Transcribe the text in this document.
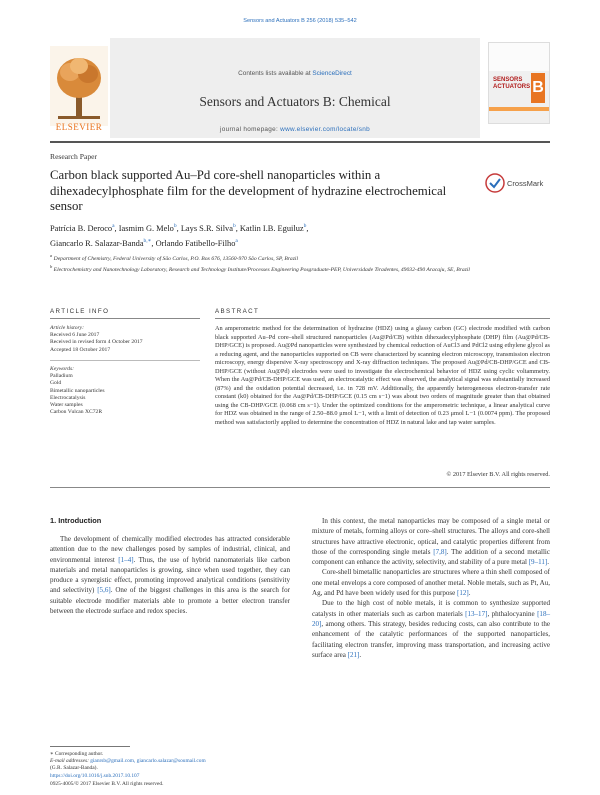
Sensors and Actuators B 256 (2018) 535–542
ELSEVIER
Contents lists available at ScienceDirect
Sensors and Actuators B: Chemical
journal homepage: www.elsevier.com/locate/snb
SENSORS
ACTUATORS B
Research Paper
Carbon black supported Au–Pd core-shell nanoparticles within a dihexadecylphosphate film for the development of hydrazine electrochemical sensor
CrossMark
Patrícia B. Deroco$^a$, Iasmim G. Melo$^b$, Lays S.R. Silva$^b$, Katlin I.B. Eguiluz$^b$,
Giancarlo R. Salazar-Banda$^{b,∗}$, Orlando Fatibello-Filho$^a$
$^a$ Department of Chemistry, Federal University of São Carlos, P.O. Box 676, 13560-970 São Carlos, SP, Brazil
$^b$ Electrochemistry and Nanotechnology Laboratory, Research and Technology Institute/Processes Engineering Posgraduate-PEP, Universidade Tiradentes, 49032-490 Aracaju, SE, Brazil
ARTICLE INFO
Article history:
Received 6 June 2017
Received in revised form 4 October 2017
Accepted 18 October 2017
Keywords:
Palladium
Gold
Bimetallic nanoparticles
Electrocatalysis
Water samples
Carbon Vulcan XC72R
ABSTRACT
An amperometric method for the determination of hydrazine (HDZ) using a glassy carbon (GC) electrode modified with carbon black supported Au–Pd core–shell structured nanoparticles (Au@Pd/CB) within dihexadecylphosphate (DHP) film (Au@Pd/CB-DHP/GCE) is proposed. Au@Pd nanoparticles were synthesized by chemical reduction of AuCl3 and PdCl2 using ethylene glycol as a reducing agent, and the nanoparticles supported on CB were characterized by scanning electron microscopy, transmission electron microscopy, energy dispersive X-ray spectroscopy and X-ray diffraction techniques. The proposed Au@Pd/CB-DHP/GCE and CB-DHP/GCE (without Au@Pd) electrodes were used to investigate the electrochemical behavior of HDZ using cyclic voltammetry. When the Au@Pd/CB-DHP/GCE was used, an electrocatalytic effect was observed, the analytical signal was substantially increased (87%) and the oxidation potential decreased, i.e. in 728 mV. Additionally, the apparently heterogeneous electron-transfer rate constant (k0) obtained for the Au@Pd/CB-DHP/GCE (0.15 cm s−1) was about two orders of magnitude greater than that obtained using the CB-DHP/GCE (0.068 cm s−1). Under the optimized conditions for the amperometric technique, a linear analytical curve for HDZ was obtained in the range of 2.50–88.0 μmol L−1, with a limit of detection of 0.23 μmol L−1 (0.0074 ppm). The proposed method was satisfactorily applied to determine the concentration of HDZ in natural lake and tap water samples.
© 2017 Elsevier B.V. All rights reserved.
1. Introduction

The development of chemically modified electrodes has attracted considerable attention due to the new challenges posed by samples of industrial, clinical, and environmental interest [1–4]. Thus, the use of hybrid nanomaterials like carbon materials and metal nanoparticles is growing, since when used together, they can produce a synergistic effect, promoting improved analytical conditions (sensitivity and selectivity) [5,6]. One of the biggest challenges in this area is the search for suitable electrode modifier materials able to promote a better electron transfer between the electrode surface and redox species.

In this context, the metal nanoparticles may be composed of a single metal or mixture of metals, forming alloys or core–shell structures. The alloys and core-shell structures have attractive electronic, optical, and catalytic properties different from those of the corresponding single metals [7,8]. The addition of a second metallic component can enhance the activity, selectivity, and stability of a pure metal [9–11].

Core-shell bimetallic nanoparticles are structures where a thin shell composed of one metal envelops a core composed of another metal. Noble metals, such as Pt, Au, Ag, and Pd have been widely used for this purpose [12].

Due to the high cost of noble metals, it is common to synthesize supported catalysts in other materials such as carbon materials [13–17], phthalocyanine [18–20], among others. This strategy, besides reducing costs, can also contribute to the enhancement of the catalytic performances of the supported nanoparticles, facilitating electron transfer, improving mass transportation, and increasing active surface area [21].

∗ Corresponding author.
E-mail addresses: gianrsb@gmail.com, giancarlo.salazar@soumail.com
(G.R. Salazar-Banda).
https://doi.org/10.1016/j.snb.2017.10.107
0925-4005/© 2017 Elsevier B.V. All rights reserved.
